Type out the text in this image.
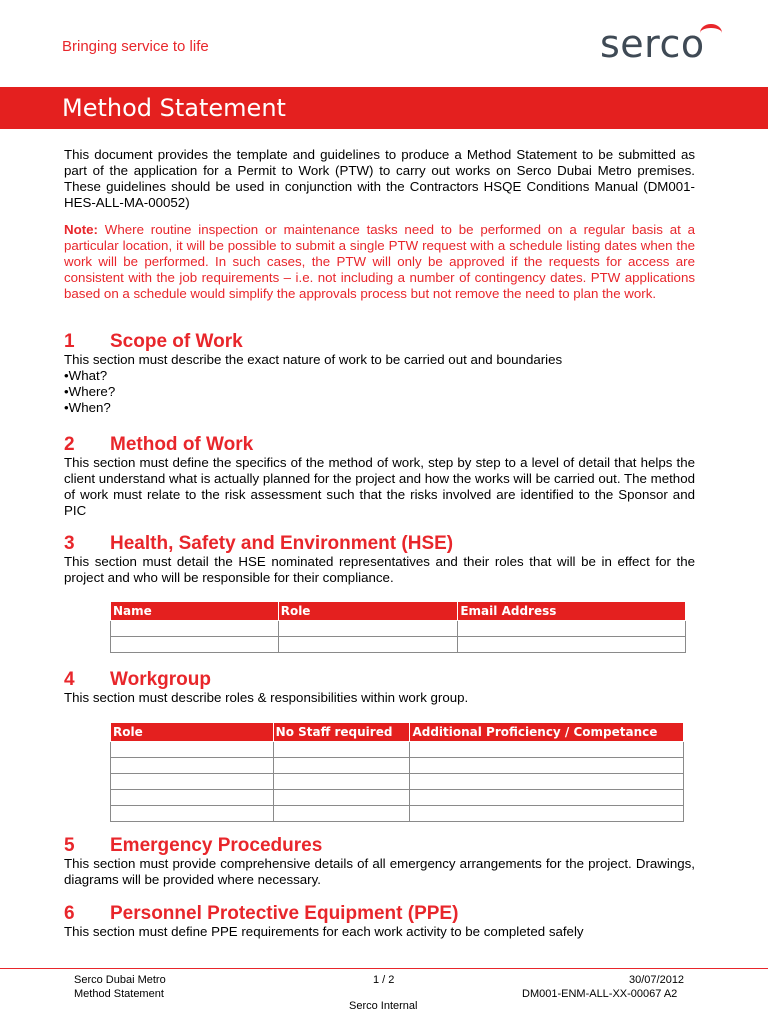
Bringing service to life	serco
Method Statement

This document provides the template and guidelines to produce a Method Statement to be submitted as part of the application for a Permit to Work (PTW) to carry out works on Serco Dubai Metro premises. These guidelines should be used in conjunction with the Contractors HSQE Conditions Manual (DM001-HES-ALL-MA-00052)

Note: Where routine inspection or maintenance tasks need to be performed on a regular basis at a particular location, it will be possible to submit a single PTW request with a schedule listing dates when the work will be performed. In such cases, the PTW will only be approved if the requests for access are consistent with the job requirements – i.e. not including a number of contingency dates. PTW applications based on a schedule would simplify the approvals process but not remove the need to plan the work.

1 Scope of Work

This section must describe the exact nature of work to be carried out and boundaries

• What?
• Where?
• When?
2 Method of Work

This section must define the specifics of the method of work, step by step to a level of detail that helps the client understand what is actually planned for the project and how the works will be carried out. The method of work must relate to the risk assessment such that the risks involved are identified to the Sponsor and PIC

3 Health, Safety and Environment (HSE)

This section must detail the HSE nominated representatives and their roles that will be in effect for the project and who will be responsible for their compliance.

Name	Role	Email Address

4 Workgroup

This section must describe roles & responsibilities within work group.

Role	No Staff required	Additional Proficiency / Competance

5 Emergency Procedures

This section must provide comprehensive details of all emergency arrangements for the project. Drawings, diagrams will be provided where necessary.

6 Personnel Protective Equipment (PPE)

This section must define PPE requirements for each work activity to be completed safely

Serco Dubai Metro
Method Statement
1 / 2	30/07/2012
DM001-ENM-ALL-XX-00067 A2
Serco Internal
